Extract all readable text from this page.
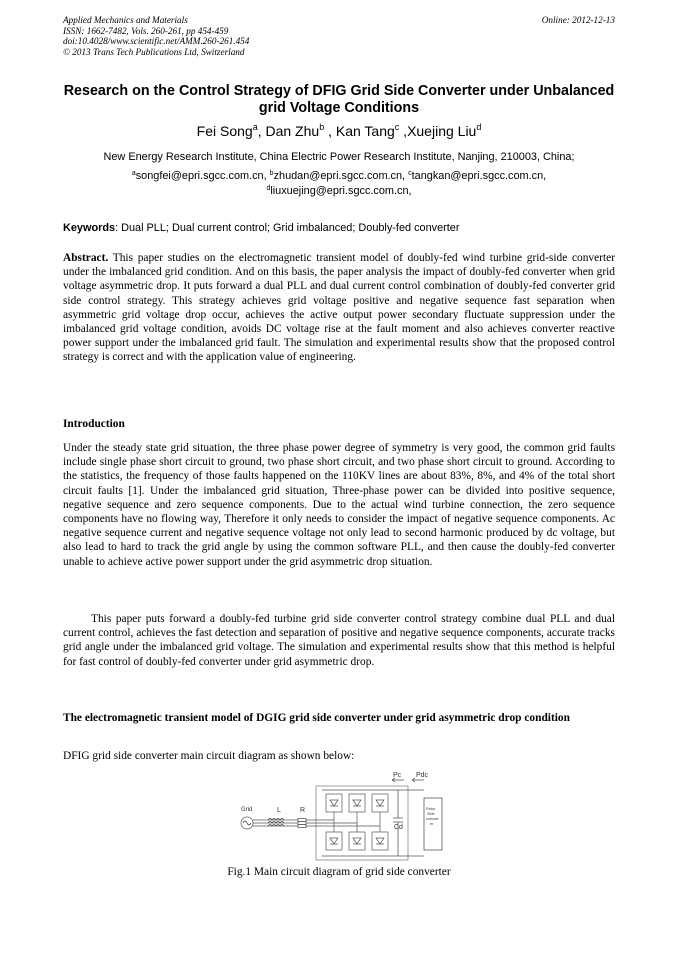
Applied Mechanics and Materials
ISSN: 1662-7482, Vols. 260-261, pp 454-459
doi:10.4028/www.scientific.net/AMM.260-261.454
© 2013 Trans Tech Publications Ltd, Switzerland
Online: 2012-12-13
Research on the Control Strategy of DFIG Grid Side Converter under Unbalanced grid Voltage Conditions
Fei Song$^a$, Dan Zhu$^b$ , Kan Tang$^c$ ,Xuejing Liu$^d$
New Energy Research Institute, China Electric Power Research Institute, Nanjing, 210003, China;
$^a$songfei@epri.sgcc.com.cn, $^b$zhudan@epri.sgcc.com.cn, $^c$tangkan@epri.sgcc.com.cn,
$^d$liuxuejing@epri.sgcc.com.cn,
Keywords: Dual PLL; Dual current control; Grid imbalanced; Doubly-fed converter

Abstract. This paper studies on the electromagnetic transient model of doubly-fed wind turbine grid-side converter under the imbalanced grid condition. And on this basis, the paper analysis the impact of doubly-fed converter when grid voltage asymmetric drop. It puts forward a dual PLL and dual current control combination of doubly-fed converter grid side control strategy. This strategy achieves grid voltage positive and negative sequence fast separation when asymmetric grid voltage drop occur, achieves the active output power secondary fluctuate suppression under the imbalanced grid voltage condition, avoids DC voltage rise at the fault moment and also achieves converter reactive power support under the imbalanced grid fault. The simulation and experimental results show that the proposed control strategy is correct and with the application value of engineering.

Introduction

Under the steady state grid situation, the three phase power degree of symmetry is very good, the common grid faults include single phase short circuit to ground, two phase short circuit, and two phase short circuit to ground. According to the statistics, the frequency of those faults happened on the 110KV lines are about 83%, 8%, and 4% of the total short circuit faults [1]. Under the imbalanced grid situation, Three-phase power can be divided into positive sequence, negative sequence and zero sequence components. Due to the actual wind turbine connection, the zero sequence components have no flowing way, Therefore it only needs to consider the impact of negative sequence components. Ac negative sequence current and negative sequence voltage not only lead to second harmonic produced by dc voltage, but also lead to hard to track the grid angle by using the common software PLL, and then cause the doubly-fed converter unable to achieve active power support under the grid asymmetric drop situation.

This paper puts forward a doubly-fed turbine grid side converter control strategy combine dual PLL and dual current control, achieves the fast detection and separation of positive and negative sequence components, accurate tracks grid angle under the imbalanced grid voltage. The simulation and experimental results show that this method is helpful for fast control of doubly-fed converter under grid asymmetric drop.

The electromagnetic transient model of DGIG grid side converter under grid asymmetric drop condition

DFIG grid side converter main circuit diagram as shown below:

Grid	L	R
Cd
Pc Pdc
Rotor
Side
convert
er
Fig.1 Main circuit diagram of grid side converter
